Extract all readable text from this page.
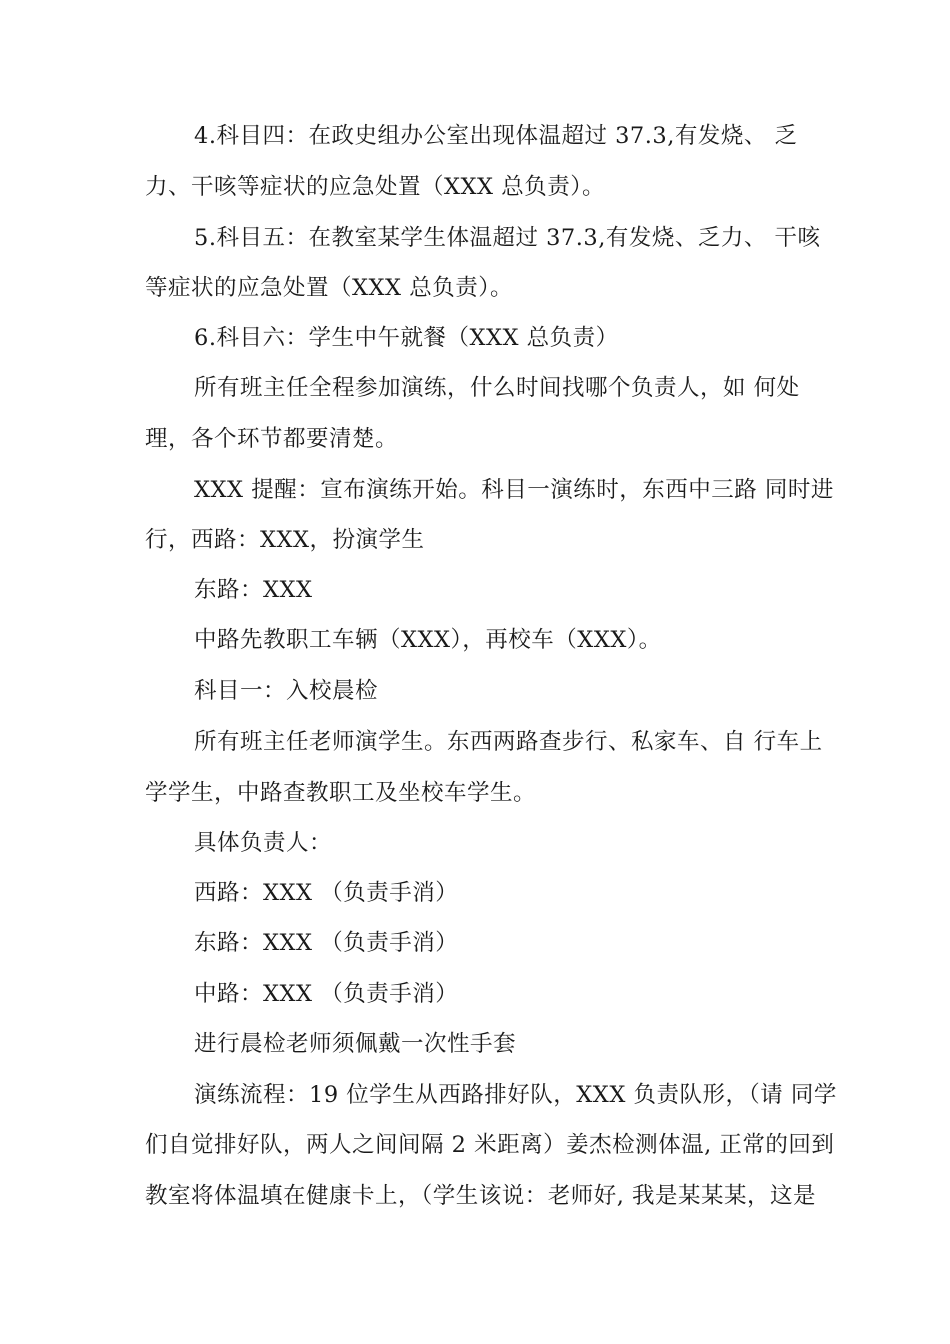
4.科目四：在政史组办公室出现体温超过 37.3,有发烧、 乏
力、干咳等症状的应急处置（XXX 总负责）。
5.科目五：在教室某学生体温超过 37.3,有发烧、乏力、 干咳
等症状的应急处置（XXX 总负责）。
6.科目六：学生中午就餐（XXX 总负责）
所有班主任全程参加演练，什么时间找哪个负责人，如 何处
理，各个环节都要清楚。
XXX 提醒：宣布演练开始。科目一演练时，东西中三路 同时进
行，西路：XXX，扮演学生
东路：XXX
中路先教职工车辆（XXX），再校车（XXX）。
科目一：入校晨检
所有班主任老师演学生。东西两路查步行、私家车、自 行车上
学学生，中路查教职工及坐校车学生。
具体负责人：
西路：XXX （负责手消）
东路：XXX （负责手消）
中路：XXX （负责手消）
进行晨检老师须佩戴一次性手套
演练流程：19 位学生从西路排好队，XXX 负责队形，（请 同学
们自觉排好队，两人之间间隔 2 米距离）姜杰检测体温, 正常的回到
教室将体温填在健康卡上，（学生该说：老师好, 我是某某某，这是
